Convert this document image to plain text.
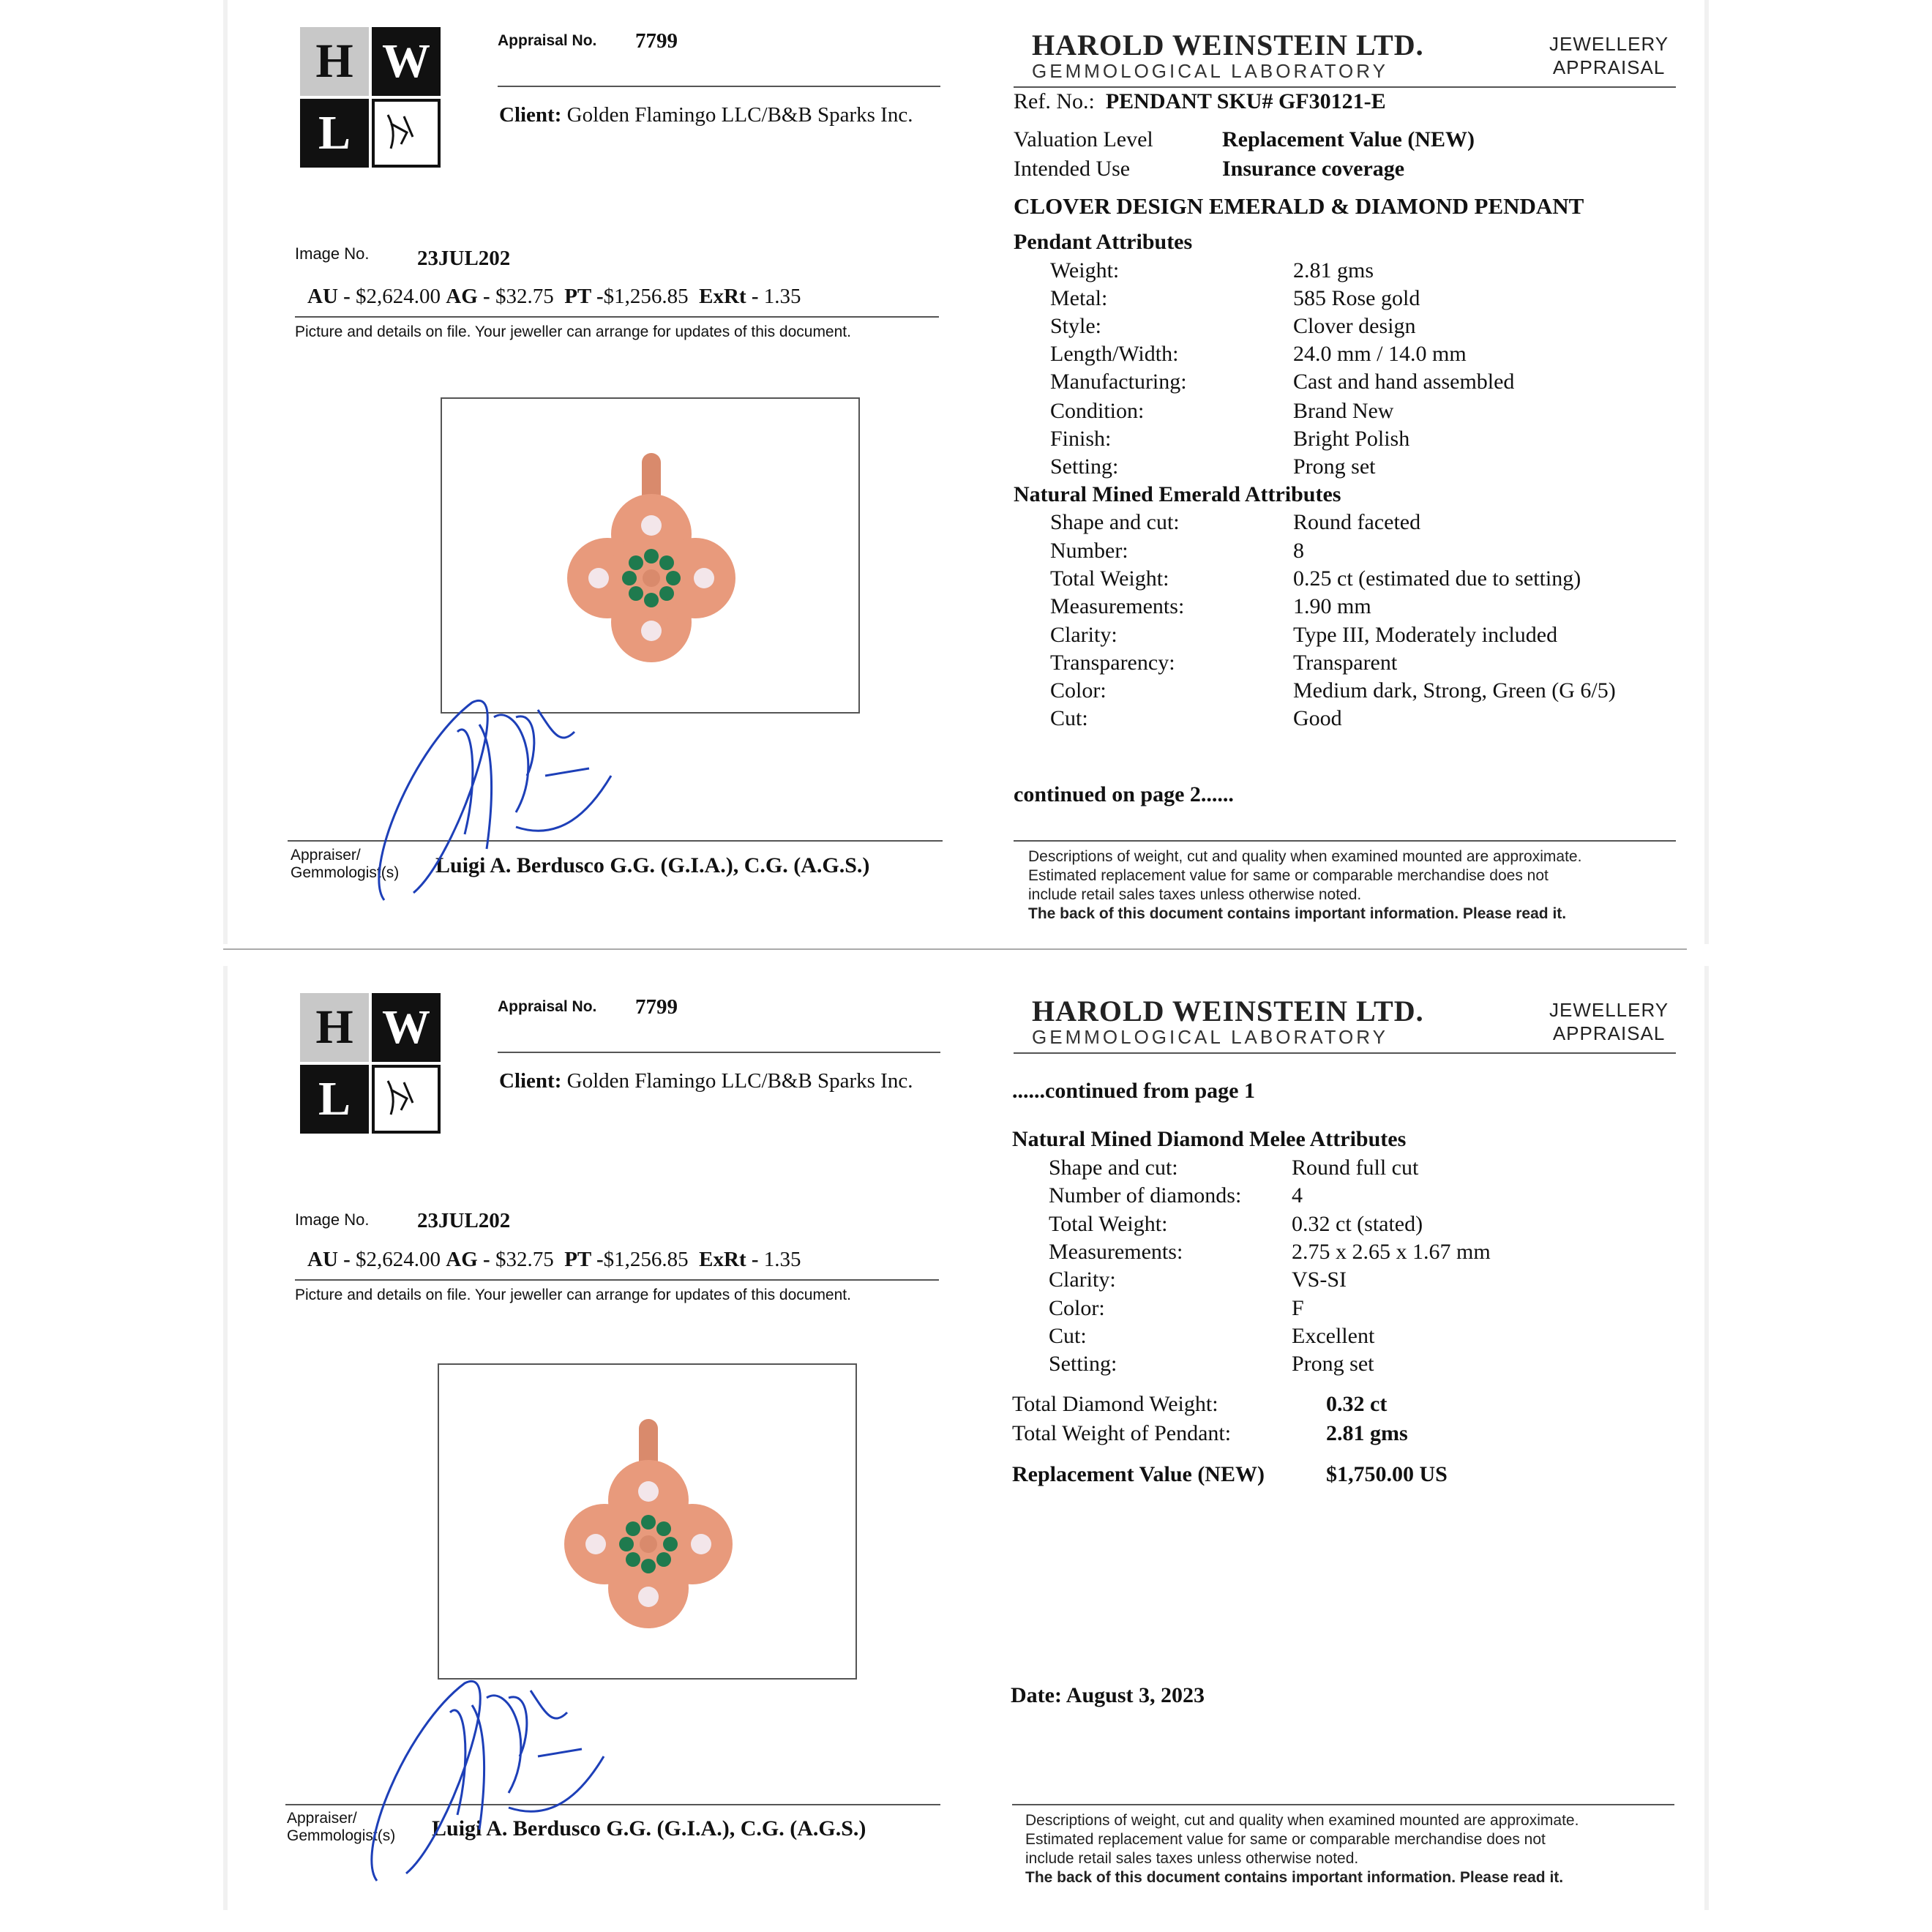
H W
L
Appraisal No. 7799
Client: Golden Flamingo LLC/B&B Sparks Inc.
Image No. 23JUL202
AU - $2,624.00 AG - $32.75 PT -$1,256.85 ExRt - 1.35
Picture and details on file. Your jeweller can arrange for updates of this document.
Appraiser/
Gemmologist(s) Luigi A. Berdusco G.G. (G.I.A.), C.G. (A.G.S.)
HAROLD WEINSTEIN LTD.
GEMMOLOGICAL LABORATORY
JEWELLERY
APPRAISAL
Ref. No.: PENDANT SKU# GF30121-E
Valuation Level	Replacement Value (NEW)
Intended Use	Insurance coverage
CLOVER DESIGN EMERALD & DIAMOND PENDANT
Pendant Attributes
Weight:	2.81 gms
Metal:	585 Rose gold
Style:	Clover design
Length/Width:	24.0 mm / 14.0 mm
Manufacturing:	Cast and hand assembled
Condition:	Brand New
Finish:	Bright Polish
Setting:	Prong set
Natural Mined Emerald Attributes
Shape and cut:	Round faceted
Number:	8
Total Weight:	0.25 ct (estimated due to setting)
Measurements:	1.90 mm
Clarity:	Type III, Moderately included
Transparency:	Transparent
Color:	Medium dark, Strong, Green (G 6/5)
Cut:	Good
continued on page 2......
Descriptions of weight, cut and quality when examined mounted are approximate.
Estimated replacement value for same or comparable merchandise does not
include retail sales taxes unless otherwise noted.
The back of this document contains important information. Please read it.
H W
L
Appraisal No. 7799
Client: Golden Flamingo LLC/B&B Sparks Inc.
Image No. 23JUL202
AU - $2,624.00 AG - $32.75 PT -$1,256.85 ExRt - 1.35
Picture and details on file. Your jeweller can arrange for updates of this document.
Appraiser/
Gemmologist(s) Luigi A. Berdusco G.G. (G.I.A.), C.G. (A.G.S.)
HAROLD WEINSTEIN LTD.
GEMMOLOGICAL LABORATORY
JEWELLERY
APPRAISAL
......continued from page 1
Natural Mined Diamond Melee Attributes
Shape and cut:	Round full cut
Number of diamonds: 4
Total Weight:	0.32 ct (stated)
Measurements:	2.75 x 2.65 x 1.67 mm
Clarity:	VS-SI
Color:	F
Cut:	Excellent
Setting:	Prong set
Total Diamond Weight:	0.32 ct
Total Weight of Pendant:	2.81 gms
Replacement Value (NEW)	$1,750.00 US
Date: August 3, 2023
Descriptions of weight, cut and quality when examined mounted are approximate.
Estimated replacement value for same or comparable merchandise does not
include retail sales taxes unless otherwise noted.
The back of this document contains important information. Please read it.
